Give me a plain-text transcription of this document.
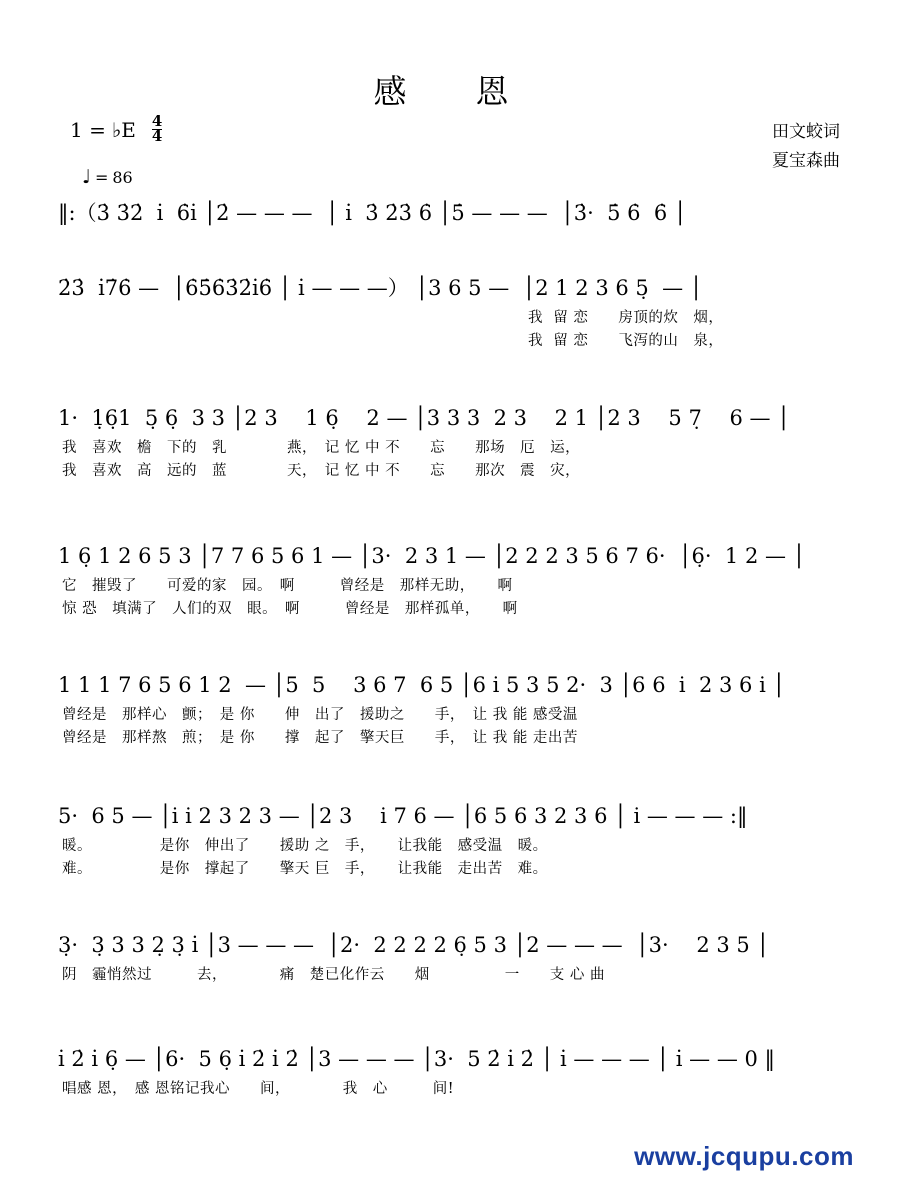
感　恩
1 = ♭E $\frac{4}{4}$
♩ = 86
田文蛟词
夏宝森曲
‖:（3̇ 3̇2̇  i̇  6̇i̇ │2̇ — — —  │ i̇  3̇ 2̇3̇ 6̇ │5̇ — — —  │3̇·  5̇ 6̇  6̇ │
2̇3̇  i̇7̇6̇ —  │6̇5̇6̇3̇2̇i̇6̇ │ i̇ — — —） │3 6 5 —  │2 1 2 3 6 5̣  — │
我  留 恋　　房顶的炊　烟，
我  留 恋　　飞泻的山　泉，
1·  1̣6̣1  5̣ 6̣  3 3 │2 3　 1 6̣　 2 — │3 3 3  2 3　 2 1 │2 3　 5 7̣　 6 — │
我　喜欢　檐　下的　乳　　　　燕，　记 忆 中 不　　忘　　那场　厄　运，
我　喜欢　高　远的　蓝　　　　天，　记 忆 中 不　　忘　　那次　震　灾，
1 6̣ 1 2 6 5 3 │7 7 6 5 6 1 — │3·  2 3 1 — │2 2 2 3 5 6 7 6·  │6̣·  1 2 — │
它　摧毁了　　可爱的家　园。　啊　　　曾经是　那样无助，　　啊
惊 恐　填满了　人们的双　眼。　啊　　　曾经是　那样孤单，　　啊
1 1 1 7 6 5 6 1 2  — │5  5　 3 6 7  6 5 │6 i 5 3 5 2·  3 │6 6  i  2 3 6 i │
曾经是　那样心　颤；　是 你　　伸　出了　援助之　　手，　让 我 能 感受温
曾经是　那样熬　煎；　是 你　　撑　起了　擎天巨　　手，　让 我 能 走出苦
5·  6 5 — │i i 2 3 2 3 — │2 3　 i 7 6 — │6 5 6 3 2 3 6 │ i — — — :‖
暖。　　　　　是你　伸出了　　援助 之　手，　　让我能　感受温　暖。
难。　　　　　是你　撑起了　　擎天 巨　手，　　让我能　走出苦　难。
3̣·  3̣ 3 3 2̣ 3̣ i̇ │3 — — —  │2·  2 2 2 2 6̣ 5 3 │2 — — —  │3·　 2 3 5 │
阴　霾悄然过　　　去，　　　　痛　楚已化作云　　烟　　　　　一　　支 心 曲
i̇ 2̇ i̇ 6̣ — │6·  5 6̣ i̇ 2̇ i̇ 2̇ │3 — — — │3·  5 2̇ i̇ 2̇ │ i̇ — — — │ i̇ — — 0 ‖
唱感 恩，　感 恩铭记我心　　间，　　　　我　心　　　间!
www.jcqupu.com
